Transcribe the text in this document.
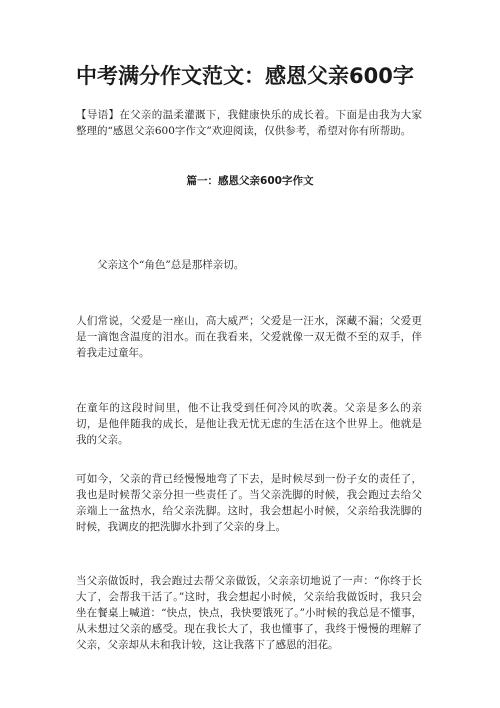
中考满分作文范文：感恩父亲600字
【导语】在父亲的温柔灌溉下，我健康快乐的成长着。下面是由我为大家整理的“感恩父亲600字作文”欢迎阅读，仅供参考，希望对你有所帮助。
篇一：感恩父亲600字作文
父亲这个“角色”总是那样亲切。
人们常说，父爱是一座山，高大威严；父爱是一汪水，深藏不漏；父爱更是一滴饱含温度的泪水。而在我看来，父爱就像一双无微不至的双手，伴着我走过童年。
在童年的这段时间里，他不让我受到任何冷风的吹袭。父亲是多么的亲切，是他伴随我的成长，是他让我无忧无虑的生活在这个世界上。他就是我的父亲。
可如今，父亲的背已经慢慢地弯了下去，是时候尽到一份子女的责任了，我也是时候帮父亲分担一些责任了。当父亲洗脚的时候，我会跑过去给父亲端上一盆热水，给父亲洗脚。这时，我会想起小时候，父亲给我洗脚的时候，我调皮的把洗脚水扑到了父亲的身上。
当父亲做饭时，我会跑过去帮父亲做饭，父亲亲切地说了一声：“你终于长大了，会帮我干活了。”这时，我会想起小时候，父亲给我做饭时，我只会坐在餐桌上喊道：“快点，快点，我快要饿死了。”小时候的我总是不懂事，从未想过父亲的感受。现在我长大了，我也懂事了，我终于慢慢的理解了父亲，父亲却从未和我计较，这让我落下了感恩的泪花。
